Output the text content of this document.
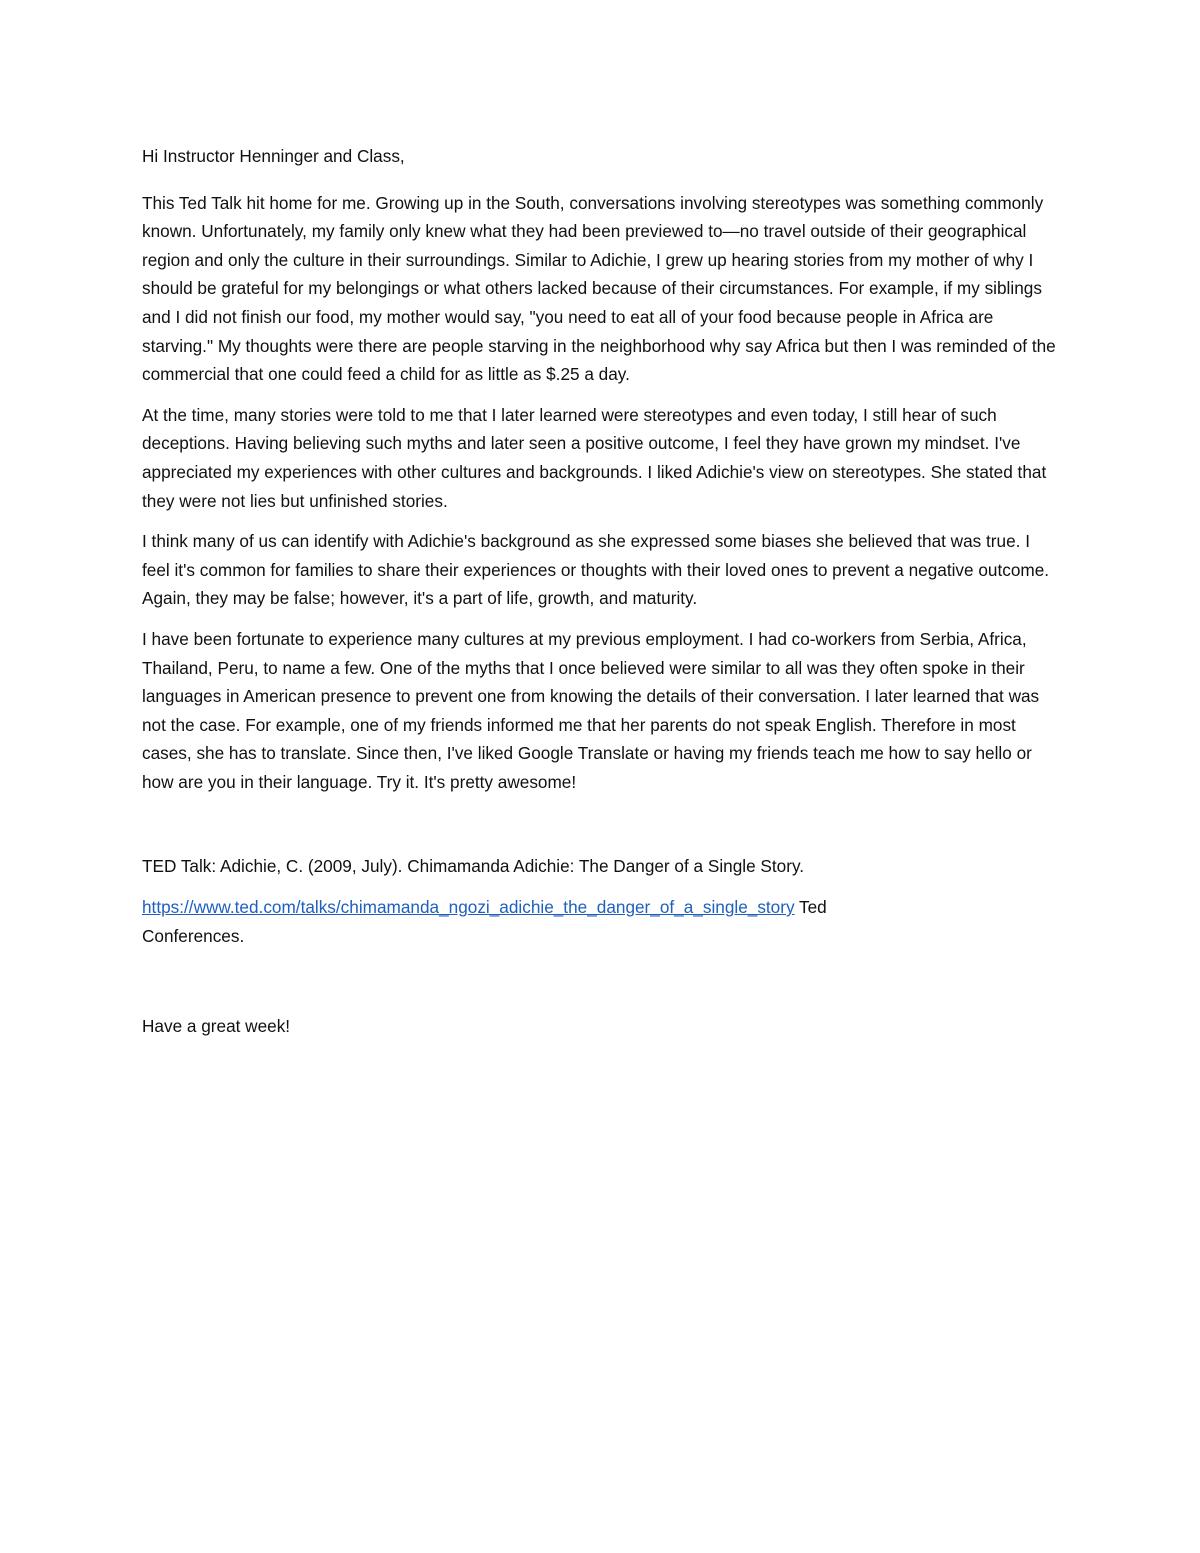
Hi Instructor Henninger and Class,

This Ted Talk hit home for me. Growing up in the South, conversations involving stereotypes was something commonly known. Unfortunately, my family only knew what they had been previewed to—no travel outside of their geographical region and only the culture in their surroundings. Similar to Adichie, I grew up hearing stories from my mother of why I should be grateful for my belongings or what others lacked because of their circumstances. For example, if my siblings and I did not finish our food, my mother would say, "you need to eat all of your food because people in Africa are starving." My thoughts were there are people starving in the neighborhood why say Africa but then I was reminded of the commercial that one could feed a child for as little as $.25 a day.

At the time, many stories were told to me that I later learned were stereotypes and even today, I still hear of such deceptions. Having believing such myths and later seen a positive outcome, I feel they have grown my mindset. I've appreciated my experiences with other cultures and backgrounds. I liked Adichie's view on stereotypes. She stated that they were not lies but unfinished stories.

I think many of us can identify with Adichie's background as she expressed some biases she believed that was true. I feel it's common for families to share their experiences or thoughts with their loved ones to prevent a negative outcome. Again, they may be false; however, it's a part of life, growth, and maturity.

I have been fortunate to experience many cultures at my previous employment. I had co-workers from Serbia, Africa, Thailand, Peru, to name a few. One of the myths that I once believed were similar to all was they often spoke in their languages in American presence to prevent one from knowing the details of their conversation. I later learned that was not the case. For example, one of my friends informed me that her parents do not speak English. Therefore in most cases, she has to translate. Since then, I've liked Google Translate or having my friends teach me how to say hello or how are you in their language. Try it. It's pretty awesome!

TED Talk: Adichie, C. (2009, July). Chimamanda Adichie: The Danger of a Single Story.

https://www.ted.com/talks/chimamanda_ngozi_adichie_the_danger_of_a_single_story Ted
Conferences.

Have a great week!
